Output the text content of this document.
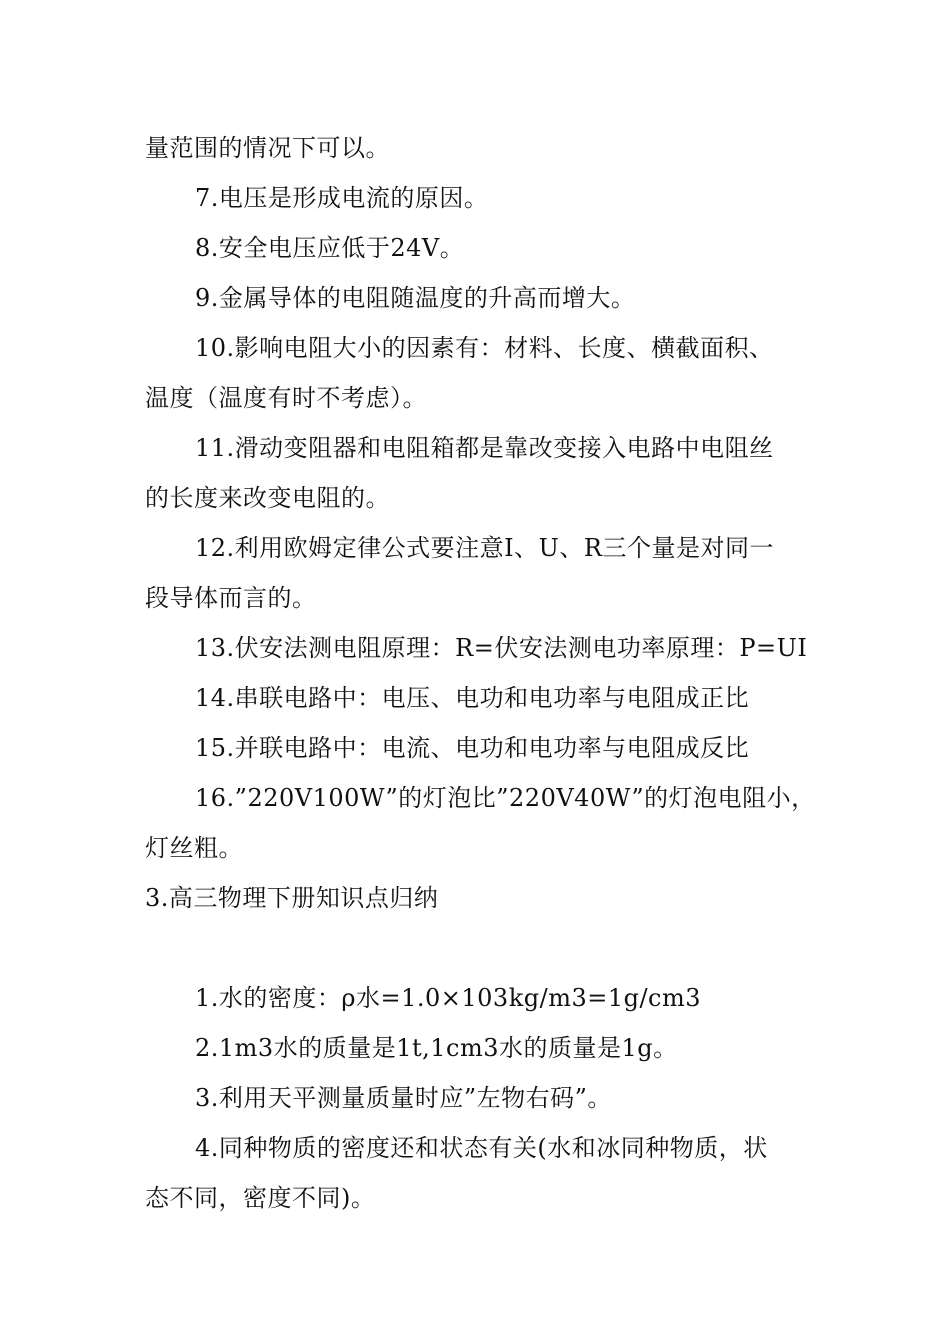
量范围的情况下可以。
7.电压是形成电流的原因。
8.安全电压应低于24V。
9.金属导体的电阻随温度的升高而增大。
10.影响电阻大小的因素有：材料、长度、横截面积、
温度（温度有时不考虑）。
11.滑动变阻器和电阻箱都是靠改变接入电路中电阻丝
的长度来改变电阻的。
12.利用欧姆定律公式要注意I、U、R三个量是对同一
段导体而言的。
13.伏安法测电阻原理：R=伏安法测电功率原理：P=UI
14.串联电路中：电压、电功和电功率与电阻成正比
15.并联电路中：电流、电功和电功率与电阻成反比
16.”220V100W”的灯泡比”220V40W”的灯泡电阻小，
灯丝粗。
3.高三物理下册知识点归纳
1.水的密度：ρ水=1.0×103kg/m3=1g/cm3
2.1m3水的质量是1t,1cm3水的质量是1g。
3.利用天平测量质量时应”左物右码”。
4.同种物质的密度还和状态有关(水和冰同种物质，状
态不同，密度不同)。
